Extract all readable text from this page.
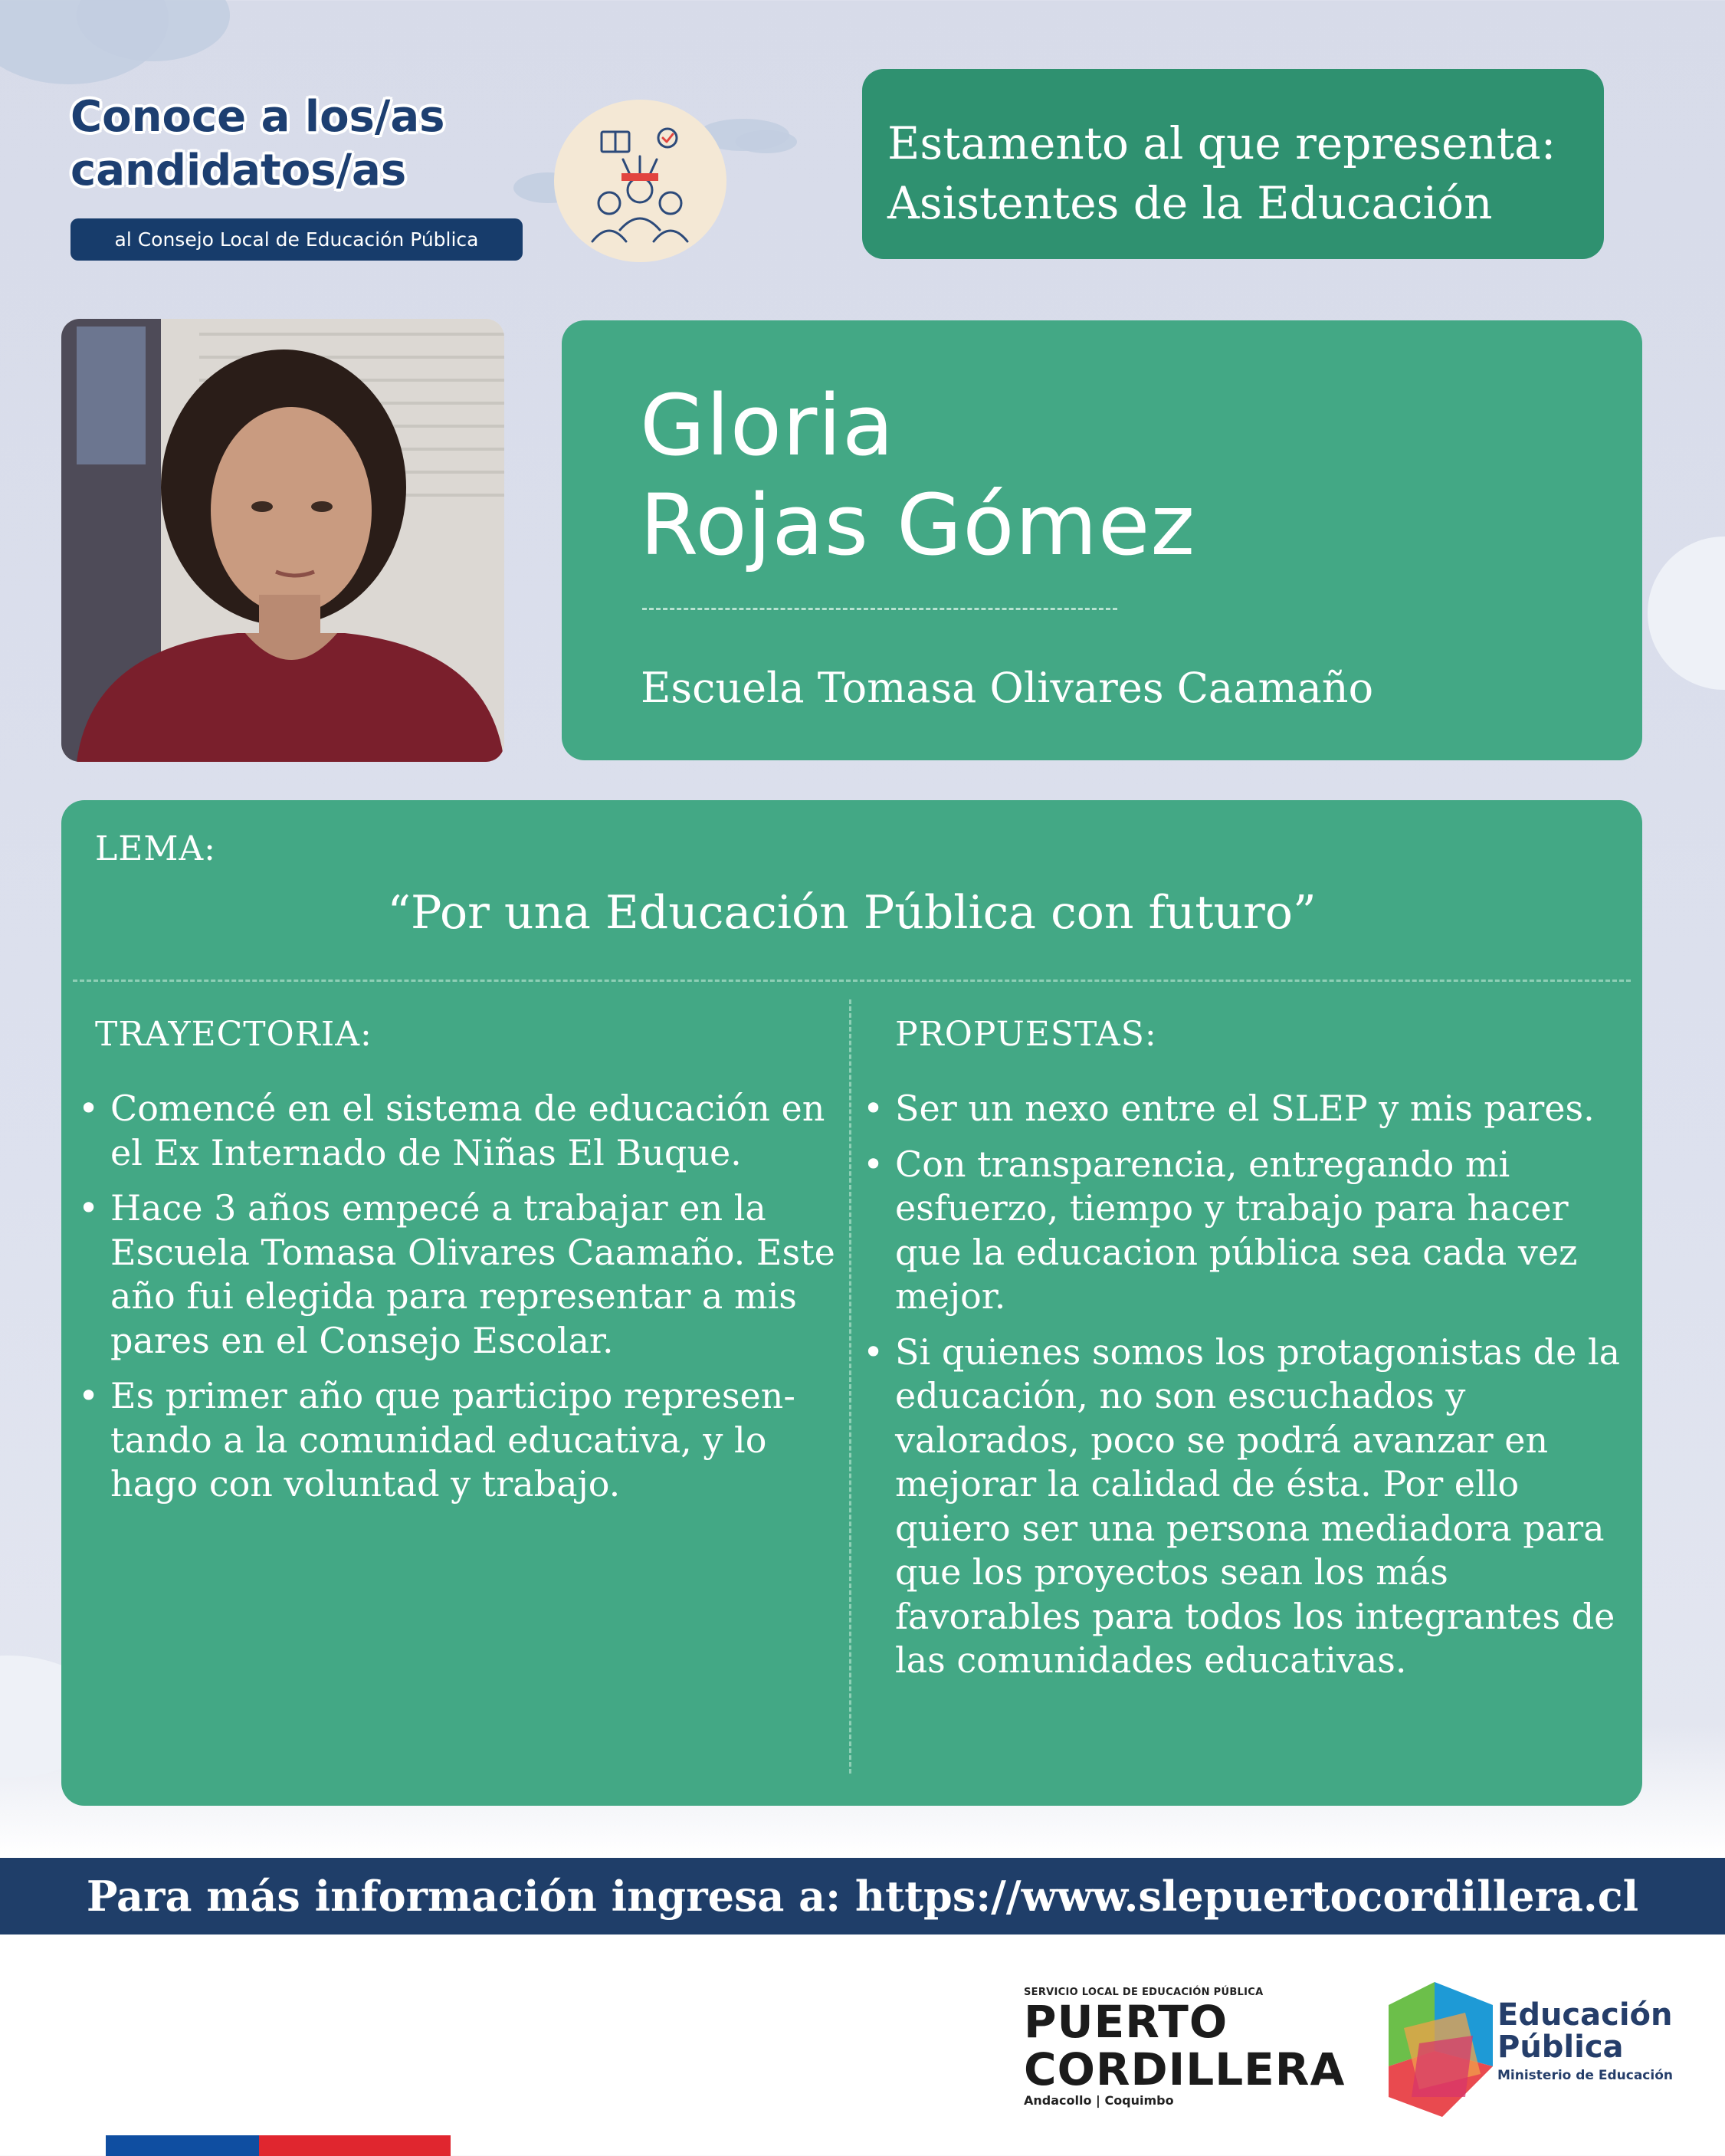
Conoce a los/as
candidatos/as
al Consejo Local de Educación Pública
Estamento al que representa:
Asistentes de la Educación
Gloria
Rojas Gómez
Escuela Tomasa Olivares Caamaño
LEMA:
“Por una Educación Pública con futuro”
TRAYECTORIA:
• Comencé en el sistema de educación en el Ex Internado de Niñas El Buque.
• Hace 3 años empecé a trabajar en la Escuela Tomasa Olivares Caamaño. Este año fui elegida para representar a mis pares en el Consejo Escolar.
• Es primer año que participo represen-tando a la comunidad educativa, y lo hago con voluntad y trabajo.
PROPUESTAS:
• Ser un nexo entre el SLEP y mis pares.
• Con transparencia, entregando mi esfuerzo, tiempo y trabajo para hacer que la educacion pública sea cada vez mejor.
• Si quienes somos los protagonistas de la educación, no son escuchados y valorados, poco se podrá avanzar en mejorar la calidad de ésta. Por ello quiero ser una persona mediadora para que los proyectos sean los más favorables para todos los integrantes de las comunidades educativas.
Para más información ingresa a: https://www.slepuertocordillera.cl
SERVICIO LOCAL DE EDUCACIÓN PÚBLICA
PUERTO
CORDILLERA
Andacollo | Coquimbo
Educación
Pública
Ministerio de Educación
